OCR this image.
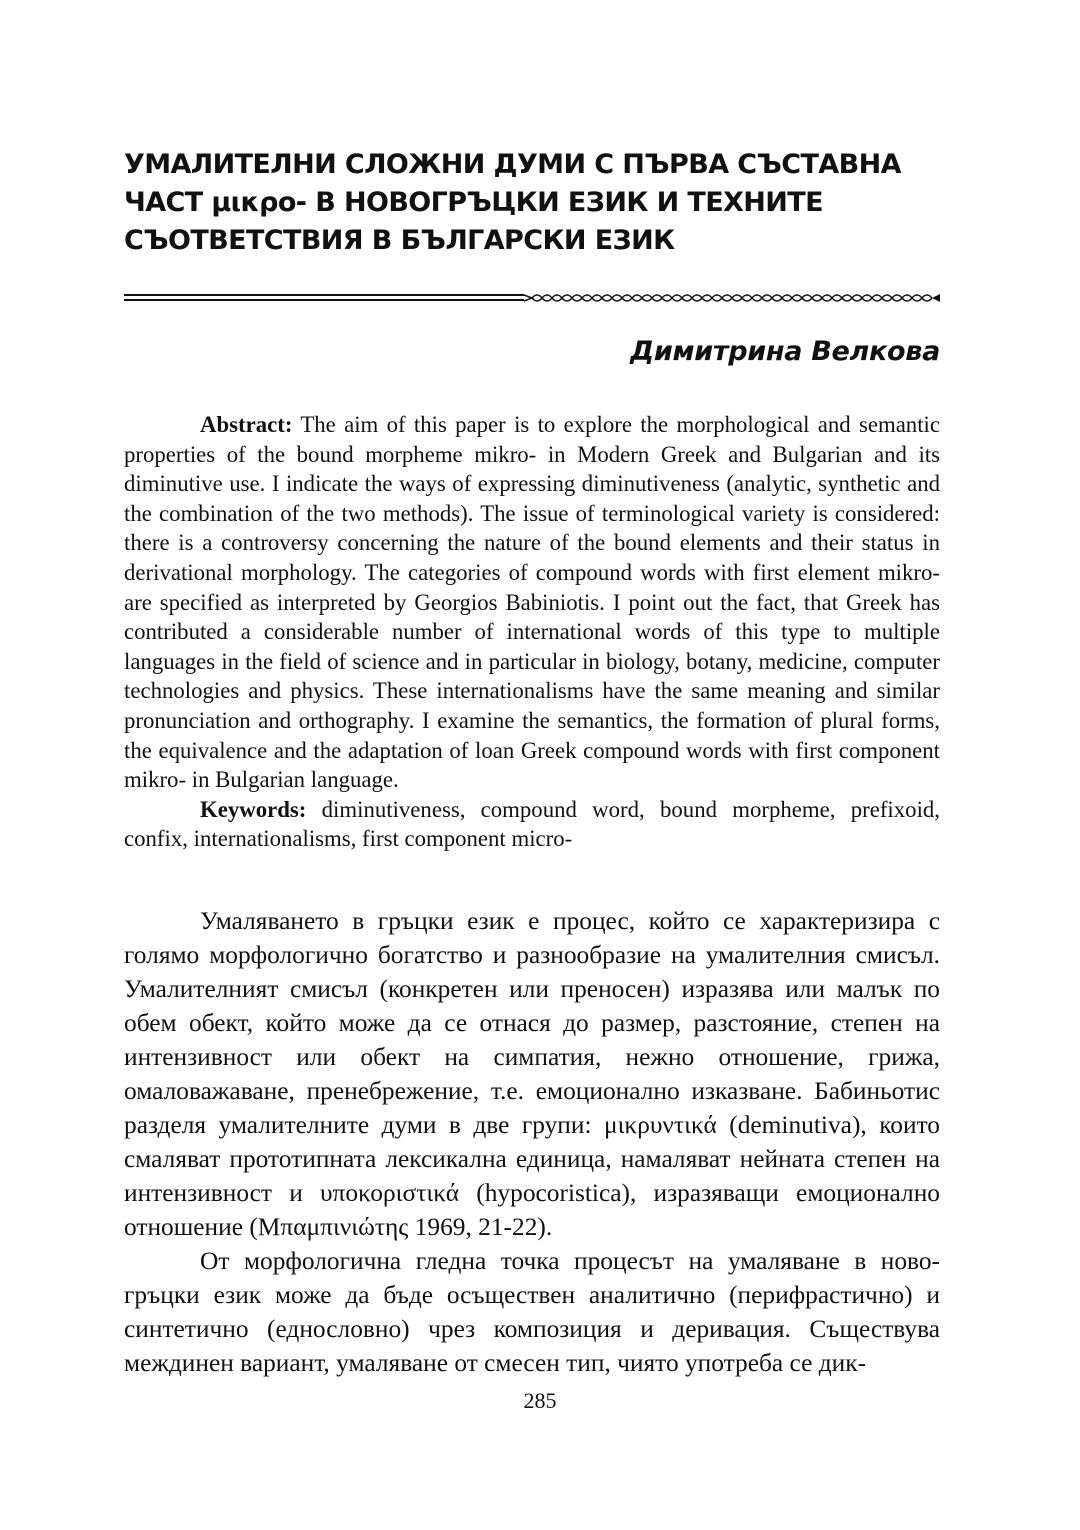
УМАЛИТЕЛНИ СЛОЖНИ ДУМИ С ПЪРВА СЪСТАВНА
ЧАСТ μικρο- В НОВОГРЪЦКИ ЕЗИК И ТЕХНИТЕ
СЪОТВЕТСТВИЯ В БЪЛГАРСКИ ЕЗИК
Димитрина Велкова

Abstract: The aim of this paper is to explore the morphological and semantic properties of the bound morpheme mikro- in Modern Greek and Bulgarian and its diminutive use. I indicate the ways of expressing diminutiveness (analytic, synthetic and the combination of the two methods). The issue of terminological variety is considered: there is a controversy concerning the nature of the bound elements and their status in derivational morphology. The categories of compound words with first element mikro- are specified as interpreted by Georgios Babiniotis. I point out the fact, that Greek has contributed a considerable number of international words of this type to multiple languages in the field of science and in particular in biology, botany, medicine, computer technologies and physics. These internationalisms have the same meaning and similar pronunciation and orthography. I examine the semantics, the formation of plural forms, the equivalence and the adaptation of loan Greek compound words with first component mikro- in Bulgarian language.

Keywords: diminutiveness, compound word, bound morpheme, prefixoid, confix, internationalisms, first component micro-

Умаляването в гръцки език е процес, който се характеризира с голямо морфологично богатство и разнообразие на умалителния смисъл. Умалителният смисъл (конкретен или преносен) изразява или малък по обем обект, който може да се отнася до размер, разстояние, степен на интензивност или обект на симпатия, нежно отношение, грижа, омаловажаване, пренебрежение, т.е. емоционално изказване. Бабиньотис разделя умалителните думи в две групи: μικρυντικά (deminutiva), които смаляват прототипната лексикална единица, намаляват нейната степен на интензивност и υποκοριστικά (hypocoristica), изразяващи емоционално отношение (Μπαμπινιώτης 1969, 21-22).

От морфологична гледна точка процесът на умаляване в новогръцки език може да бъде осъществен аналитично (перифрастично) и синтетично (еднословно) чрез композиция и деривация. Съществува междинен вариант, умаляване от смесен тип, чиято употреба се дик-

285
